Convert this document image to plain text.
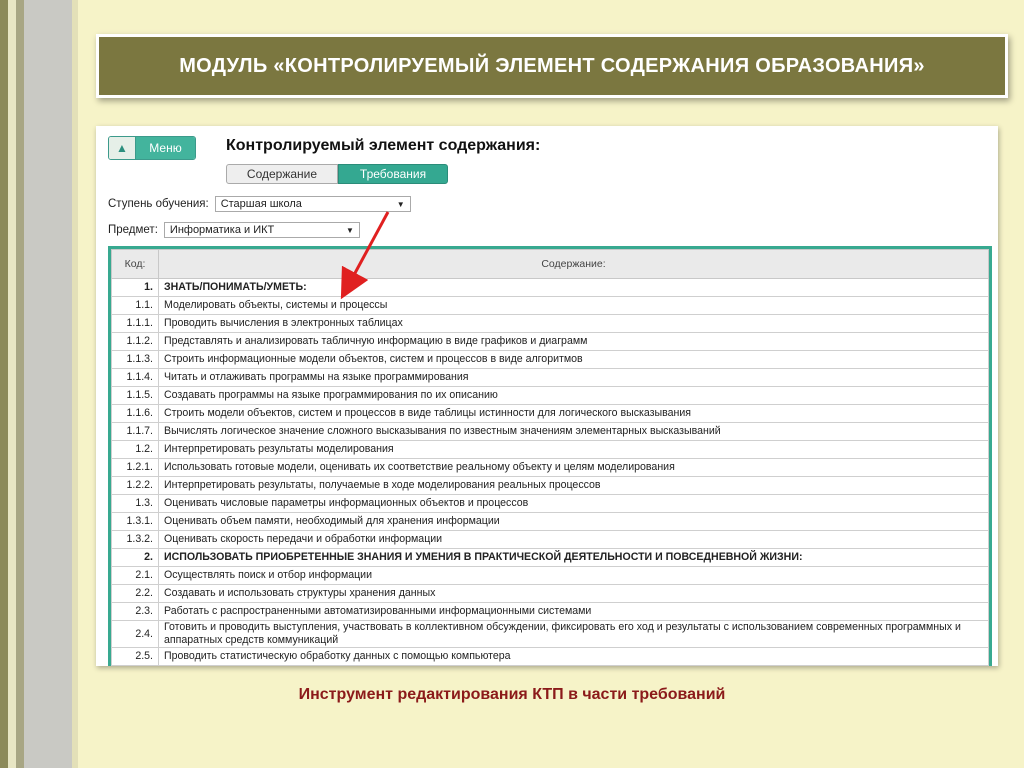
МОДУЛЬ «КОНТРОЛИРУЕМЫЙ ЭЛЕМЕНТ СОДЕРЖАНИЯ ОБРАЗОВАНИЯ»
▲	Меню	Контролируемый элемент содержания:
Содержание	Требования
Ступень обучения: Старшая школа	▼
Предмет: Информатика и ИКТ	▼
Код:	Содержание:
1.	ЗНАТЬ/ПОНИМАТЬ/УМЕТЬ:
1.1.	Моделировать объекты, системы и процессы
1.1.1.	Проводить вычисления в электронных таблицах
1.1.2.	Представлять и анализировать табличную информацию в виде графиков и диаграмм
1.1.3.	Строить информационные модели объектов, систем и процессов в виде алгоритмов
1.1.4.	Читать и отлаживать программы на языке программирования
1.1.5.	Создавать программы на языке программирования по их описанию
1.1.6.	Строить модели объектов, систем и процессов в виде таблицы истинности для логического высказывания
1.1.7.	Вычислять логическое значение сложного высказывания по известным значениям элементарных высказываний
1.2.	Интерпретировать результаты моделирования
1.2.1.	Использовать готовые модели, оценивать их соответствие реальному объекту и целям моделирования
1.2.2.	Интерпретировать результаты, получаемые в ходе моделирования реальных процессов
1.3.	Оценивать числовые параметры информационных объектов и процессов
1.3.1.	Оценивать объем памяти, необходимый для хранения информации
1.3.2.	Оценивать скорость передачи и обработки информации
2.	ИСПОЛЬЗОВАТЬ ПРИОБРЕТЕННЫЕ ЗНАНИЯ И УМЕНИЯ В ПРАКТИЧЕСКОЙ ДЕЯТЕЛЬНОСТИ И ПОВСЕДНЕВНОЙ ЖИЗНИ:
2.1.	Осуществлять поиск и отбор информации
2.2.	Создавать и использовать структуры хранения данных
2.3.	Работать с распространенными автоматизированными информационными системами
2.4.	Готовить и проводить выступления, участвовать в коллективном обсуждении, фиксировать его ход и результаты с использованием современных программных и аппаратных средств коммуникаций
2.5.	Проводить статистическую обработку данных с помощью компьютера
Инструмент редактирования КТП в части требований
